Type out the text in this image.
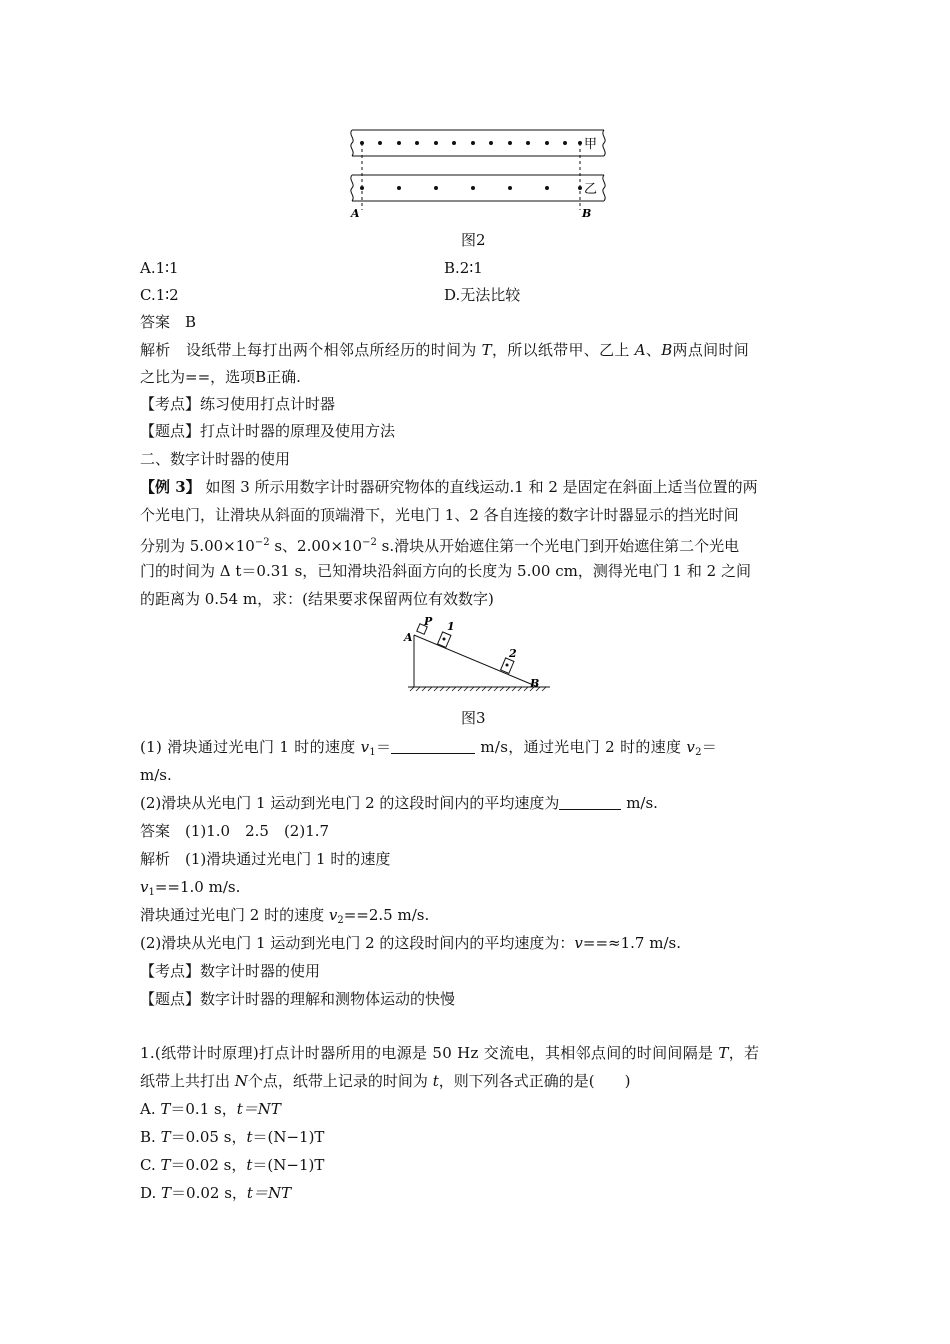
甲
乙
A	B
图2
A.1∶1	B.2∶1
C.1∶2	D.无法比较
答案　B
解析　设纸带上每打出两个相邻点所经历的时间为 T，所以纸带甲、乙上 A、B两点间时间
之比为==，选项B正确.
【考点】练习使用打点计时器
【题点】打点计时器的原理及使用方法
二、数字计时器的使用
【例 3】 如图 3 所示用数字计时器研究物体的直线运动.1 和 2 是固定在斜面上适当位置的两
个光电门，让滑块从斜面的顶端滑下，光电门 1、2 各自连接的数字计时器显示的挡光时间
分别为 $5.00\times 10^{-2}$ s、$2.00\times 10^{-2}$ s.滑块从开始遮住第一个光电门到开始遮住第二个光电
门的时间为 Δ t＝0.31 s，已知滑块沿斜面方向的长度为 5.00 cm，测得光电门 1 和 2 之间
的距离为 0.54 m，求：(结果要求保留两位有效数字)
A
P 1
2
B
图3
(1) 滑块通过光电门 1 时的速度 $v_1=$	m/s，通过光电门 2 时的速度 $v_2=$
m/s.
(2)滑块从光电门 1 运动到光电门 2 的这段时间内的平均速度为	m/s.
答案　(1)1.0　2.5　(2)1.7
解析　(1)滑块通过光电门 1 时的速度
$v_1==1.0$ m/s.
滑块通过光电门 2 时的速度 $v_2==2.5$ m/s.
(2)滑块从光电门 1 运动到光电门 2 的这段时间内的平均速度为：v==≈1.7 m/s.
【考点】数字计时器的使用
【题点】数字计时器的理解和测物体运动的快慢
1.(纸带计时原理)打点计时器所用的电源是 50 Hz 交流电，其相邻点间的时间间隔是 T，若
纸带上共打出 N个点，纸带上记录的时间为 t，则下列各式正确的是(　　)
A. T＝0.1 s，t＝NT
B. T＝0.05 s，t＝(N−1)T
C. T＝0.02 s，t＝(N−1)T
D. T＝0.02 s，t＝NT
